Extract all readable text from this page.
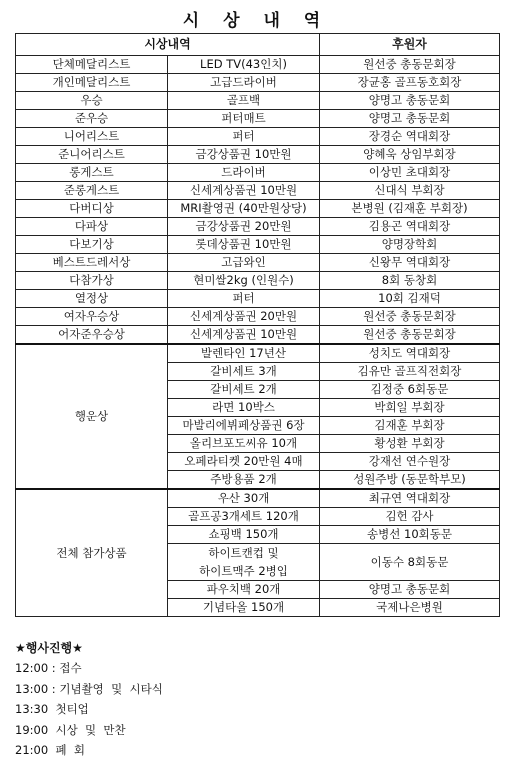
시 상 내 역
시상내역		후원자
단체메달리스트	LED TV(43인치)	원선중 총동문회장
개인메달리스트	고급드라이버	장균홍 골프동호회장
우승	골프백	양명고 총동문회
준우승	퍼터매트	양명고 총동문회
니어리스트	퍼터	장경순 역대회장
준니어리스트	금강상품권 10만원	양혜욱 상임부회장
롱게스트	드라이버	이상민 초대회장
준롱게스트	신세계상품권 10만원	신대식 부회장
다버디상	MRI촬영권 (40만원상당)	본병원 (김재훈 부회장)
다파상	금강상품권 20만원	김용곤 역대회장
다보기상	롯데상품권 10만원	양명장학회
베스트드레서상	고급와인	신왕무 역대회장
다참가상	현미쌀2kg (인원수)	8회 동창회
열정상	퍼터	10회 김재덕
여자우승상	신세계상품권 20만원	원선중 총동문회장
어자준우승상	신세계상품권 10만원	원선중 총동문회장
행운상	발렌타인 17년산	성치도 역대회장
	갈비세트 3개	김유만 골프직전회장
	갈비세트 2개	김정중 6회동문
	라면 10박스	박희일 부회장
	마발리에뷔페상품권 6장	김재훈 부회장
	올리브포도씨유 10개	황성환 부회장
	오페라티켓 20만원 4매	강재선 연수원장
	주방용품 2개	성원주방 (동문학부모)
전체 참가상품	우산 30개	최규연 역대회장
	골프공3개세트 120개	김헌 감사
	쇼핑백 150개	송병선 10회동문

	하이트캔컵 및
하이트맥주 2병입	이동수 8회동문
	파우치백 20개	양명고 총동문회
	기념타올 150개	국제나은병원
★행사진행★
12:00 : 접수
13:00 : 기념촬영  및  시타식
13:30 첫티업
19:00 시상  및  만찬
21:00 폐  회
